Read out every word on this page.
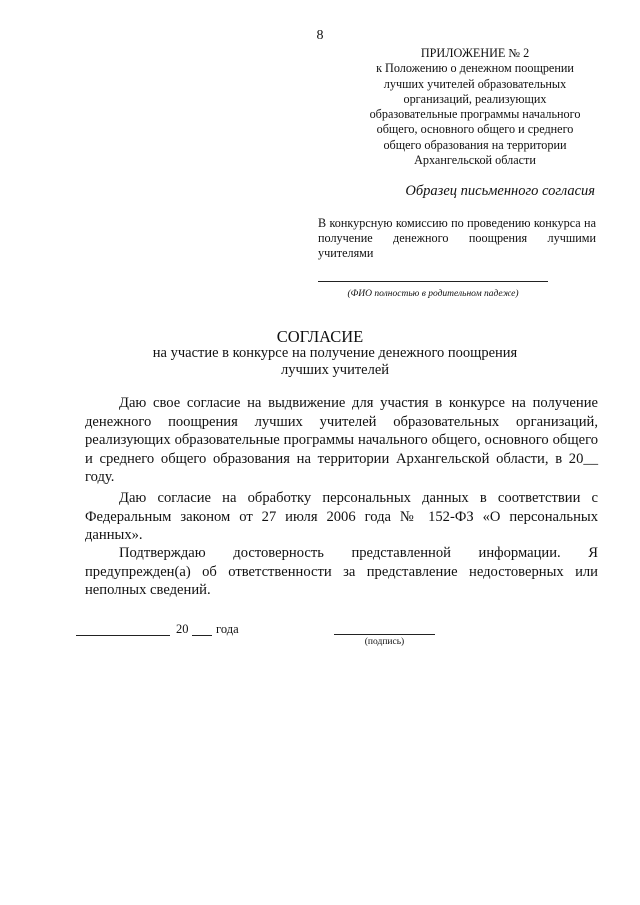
8
ПРИЛОЖЕНИЕ № 2
к Положению о денежном поощрении
лучших учителей образовательных
организаций, реализующих
образовательные программы начального
общего, основного общего и среднего
общего образования на территории
Архангельской области
Образец письменного согласия
В конкурсную комиссию по проведению конкурса на получение денежного поощрения лучшими учителями
(ФИО полностью в родительном падеже)
СОГЛАСИЕ
на участие в конкурсе на получение денежного поощрения
лучших учителей
Даю свое согласие на выдвижение для участия в конкурсе на получение денежного поощрения лучших учителей образовательных организаций, реализующих образовательные программы начального общего, основного общего и среднего общего образования на территории Архангельской области, в 20__ году.
Даю согласие на обработку персональных данных в соответствии с Федеральным законом от 27 июля 2006 года № 152-ФЗ «О персональных данных».
Подтверждаю достоверность представленной информации. Я предупрежден(а) об ответственности за представление недостоверных или неполных сведений.
20 года
(подпись)
